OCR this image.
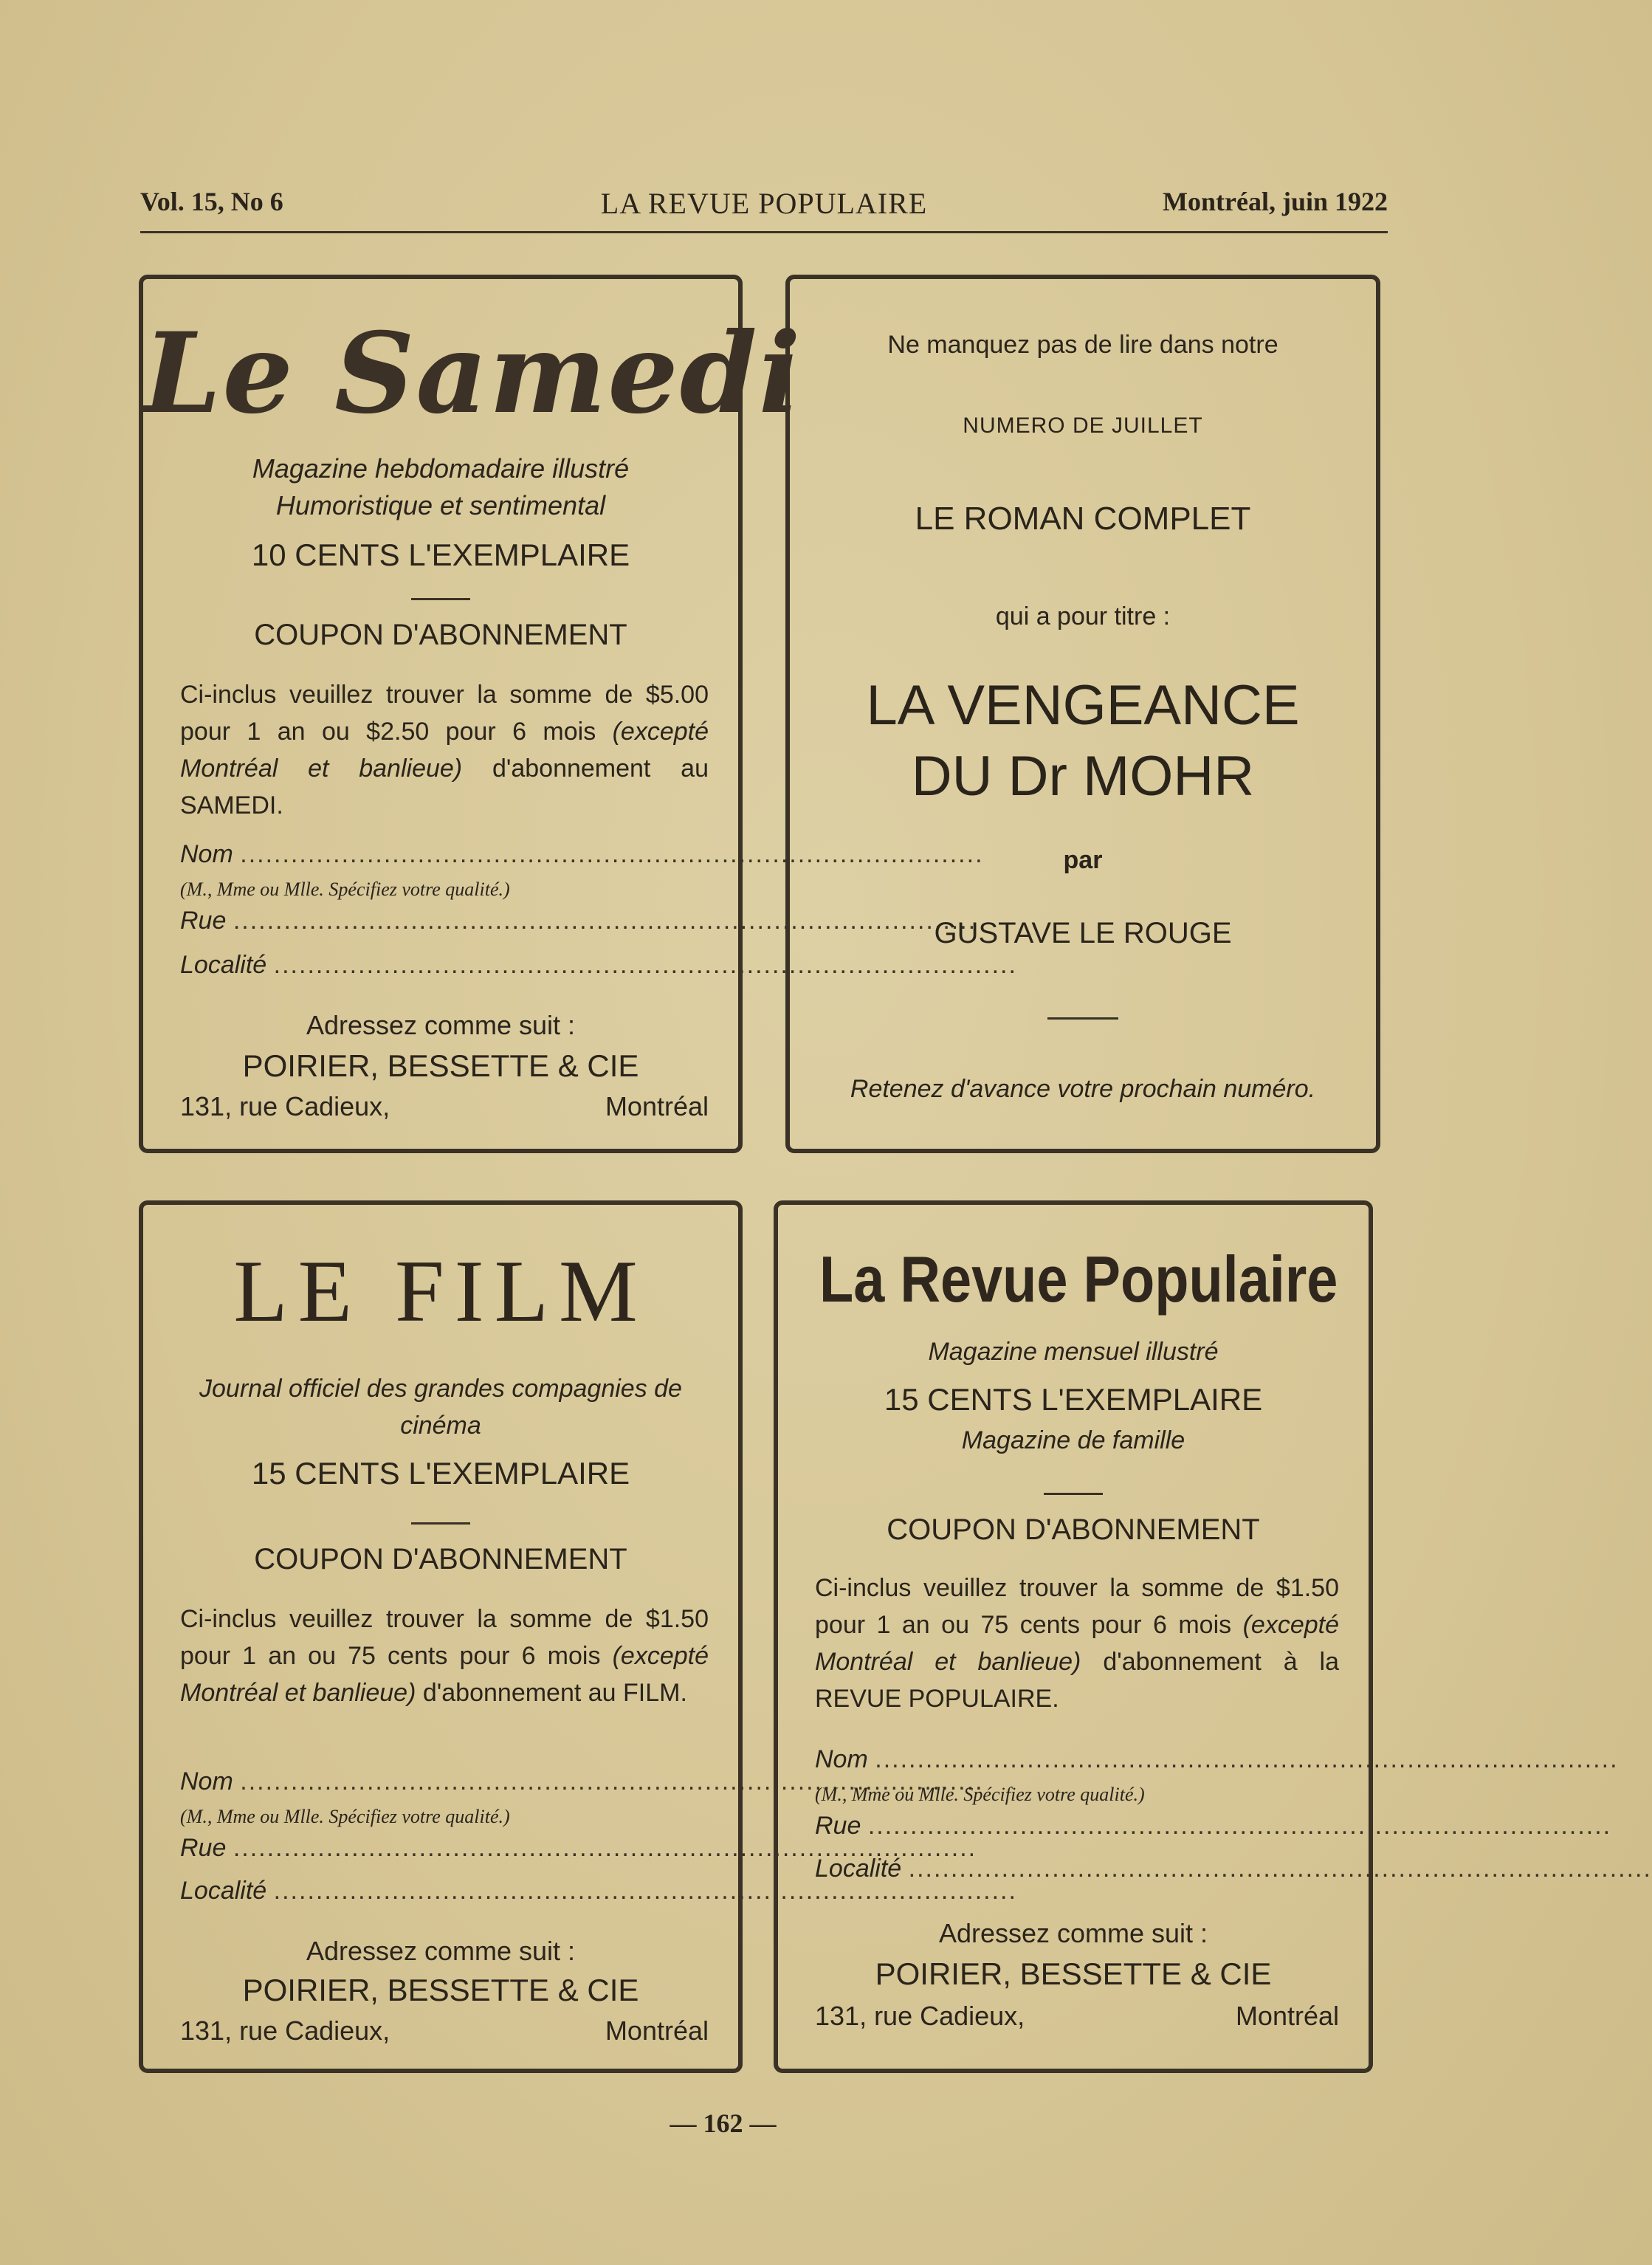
LA REVUE POPULAIRE
Vol. 15, No 6	Montréal, juin 1922
Le Samedi
Magazine hebdomadaire illustré
Humoristique et sentimental
10 CENTS L'EXEMPLAIRE
COUPON D'ABONNEMENT
Ci-inclus veuillez trouver la somme de $5.00 pour 1 an ou $2.50 pour 6 mois (excepté Montréal et banlieue) d'abonnement au SAMEDI.
Nom ........................................................................................
(M., Mme ou Mlle. Spécifiez votre qualité.)
Rue ........................................................................................
Localité ........................................................................................
Adressez comme suit :
POIRIER, BESSETTE & CIE
131, rue Cadieux,	Montréal
Ne manquez pas de lire dans notre
NUMERO DE JUILLET
LE ROMAN COMPLET
qui a pour titre :
LA VENGEANCE
DU Dr MOHR
par
GUSTAVE LE ROUGE
Retenez d'avance votre prochain numéro.
LE FILM
Journal officiel des grandes compagnies de
cinéma
15 CENTS L'EXEMPLAIRE
COUPON D'ABONNEMENT
Ci-inclus veuillez trouver la somme de $1.50 pour 1 an ou 75 cents pour 6 mois (excepté Montréal et banlieue) d'abonnement au FILM.
Nom ........................................................................................
(M., Mme ou Mlle. Spécifiez votre qualité.)
Rue ........................................................................................
Localité ........................................................................................
Adressez comme suit :
POIRIER, BESSETTE & CIE
131, rue Cadieux,	Montréal
La Revue Populaire
Magazine mensuel illustré
15 CENTS L'EXEMPLAIRE
Magazine de famille
COUPON D'ABONNEMENT
Ci-inclus veuillez trouver la somme de $1.50 pour 1 an ou 75 cents pour 6 mois (excepté Montréal et banlieue) d'abonnement à la REVUE POPULAIRE.
Nom ........................................................................................
(M., Mme ou Mlle. Spécifiez votre qualité.)
Rue ........................................................................................
Localité ........................................................................................
Adressez comme suit :
POIRIER, BESSETTE & CIE
131, rue Cadieux,	Montréal
— 162 —
